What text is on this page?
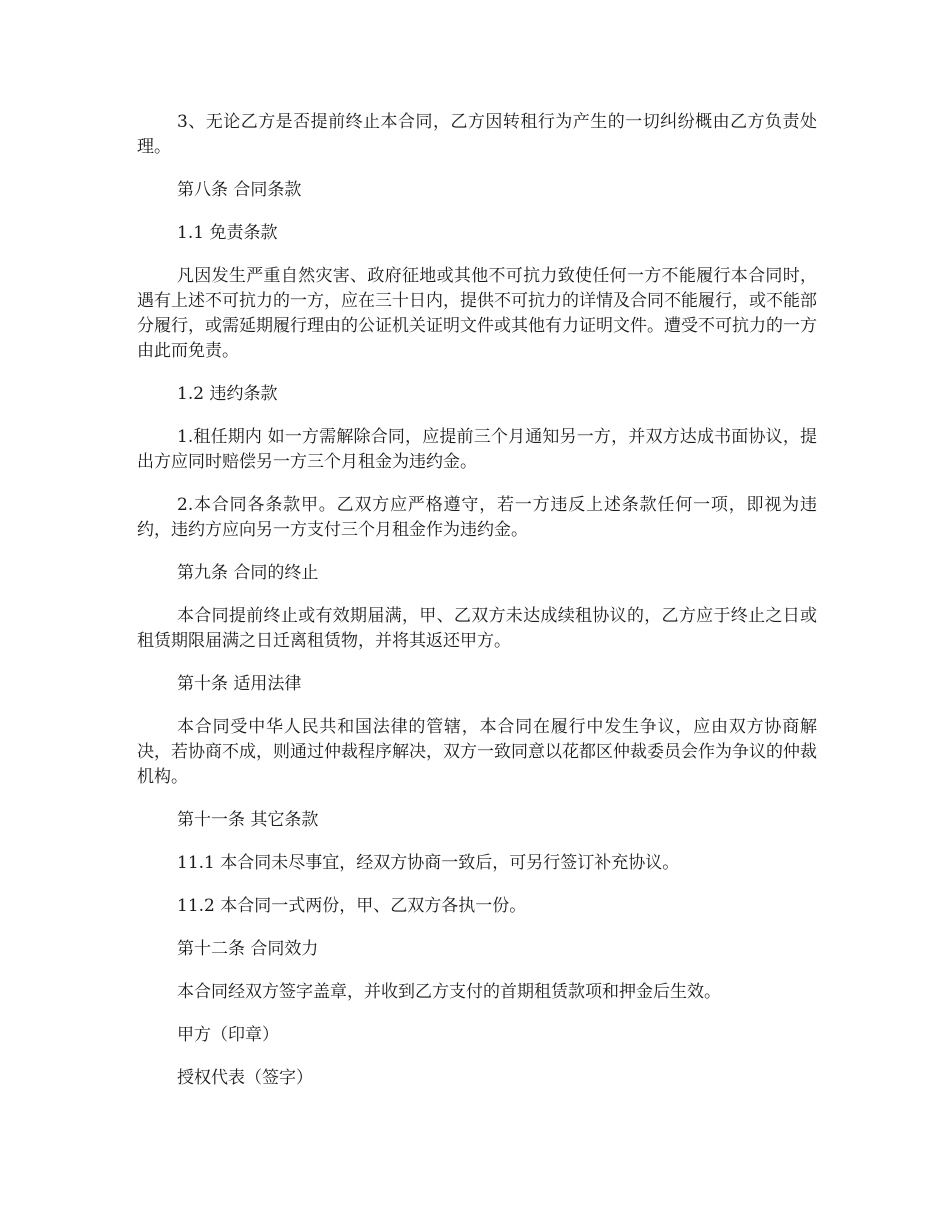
3、无论乙方是否提前终止本合同，乙方因转租行为产生的一切纠纷概由乙方负责处理。

第八条 合同条款

1.1 免责条款

凡因发生严重自然灾害、政府征地或其他不可抗力致使任何一方不能履行本合同时，遇有上述不可抗力的一方，应在三十日内，提供不可抗力的详情及合同不能履行，或不能部分履行，或需延期履行理由的公证机关证明文件或其他有力证明文件。遭受不可抗力的一方由此而免责。

1.2 违约条款

1.租任期内 如一方需解除合同，应提前三个月通知另一方，并双方达成书面协议，提出方应同时赔偿另一方三个月租金为违约金。

2.本合同各条款甲。乙双方应严格遵守，若一方违反上述条款任何一项，即视为违约，违约方应向另一方支付三个月租金作为违约金。

第九条 合同的终止

本合同提前终止或有效期届满，甲、乙双方未达成续租协议的，乙方应于终止之日或租赁期限届满之日迁离租赁物，并将其返还甲方。

第十条 适用法律

本合同受中华人民共和国法律的管辖，本合同在履行中发生争议，应由双方协商解决，若协商不成，则通过仲裁程序解决，双方一致同意以花都区仲裁委员会作为争议的仲裁机构。

第十一条 其它条款

11.1 本合同未尽事宜，经双方协商一致后，可另行签订补充协议。

11.2 本合同一式两份，甲、乙双方各执一份。

第十二条 合同效力

本合同经双方签字盖章，并收到乙方支付的首期租赁款项和押金后生效。

甲方（印章）

授权代表（签字）
